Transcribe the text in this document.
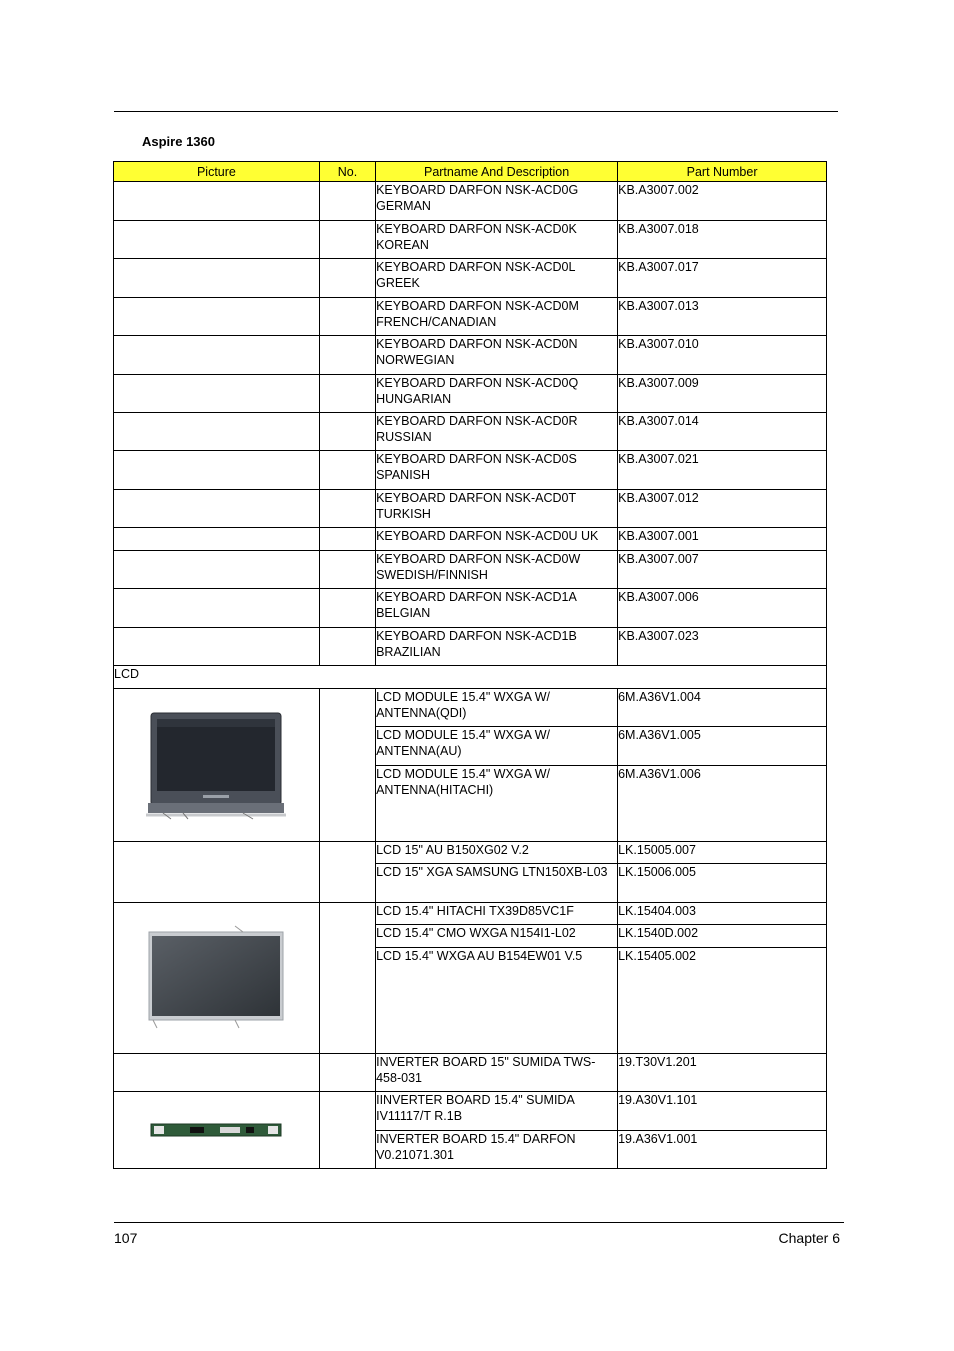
Aspire 1360
Picture	No.	Partname And Description	Part Number
		KEYBOARD DARFON NSK-ACD0G GERMAN	KB.A3007.002
		KEYBOARD DARFON NSK-ACD0K KOREAN	KB.A3007.018
		KEYBOARD DARFON NSK-ACD0L GREEK	KB.A3007.017
		KEYBOARD DARFON NSK-ACD0M FRENCH/CANADIAN	KB.A3007.013
		KEYBOARD DARFON NSK-ACD0N NORWEGIAN	KB.A3007.010
		KEYBOARD DARFON NSK-ACD0Q HUNGARIAN	KB.A3007.009
		KEYBOARD DARFON NSK-ACD0R RUSSIAN	KB.A3007.014
		KEYBOARD DARFON NSK-ACD0S SPANISH	KB.A3007.021
		KEYBOARD DARFON NSK-ACD0T TURKISH	KB.A3007.012
		KEYBOARD DARFON NSK-ACD0U UK	KB.A3007.001
		KEYBOARD DARFON NSK-ACD0W SWEDISH/FINNISH	KB.A3007.007
		KEYBOARD DARFON NSK-ACD1A BELGIAN	KB.A3007.006
		KEYBOARD DARFON NSK-ACD1B BRAZILIAN	KB.A3007.023
LCD			

		LCD MODULE 15.4" WXGA W/ ANTENNA(QDI)	6M.A36V1.004
		LCD MODULE 15.4" WXGA W/ ANTENNA(AU)	6M.A36V1.005
		LCD MODULE 15.4" WXGA W/ ANTENNA(HITACHI)	6M.A36V1.006
		LCD 15" AU B150XG02 V.2	LK.15005.007
		LCD 15" XGA SAMSUNG LTN150XB-L03	LK.15006.005

		LCD 15.4" HITACHI TX39D85VC1F	LK.15404.003
		LCD 15.4" CMO WXGA N154I1-L02	LK.1540D.002
		LCD 15.4" WXGA AU B154EW01 V.5	LK.15405.002
		INVERTER BOARD 15" SUMIDA TWS-458-031	19.T30V1.201

		IINVERTER BOARD 15.4" SUMIDA IV11117/T R.1B	19.A30V1.101
		INVERTER BOARD 15.4" DARFON V0.21071.301	19.A36V1.001
107	Chapter 6
